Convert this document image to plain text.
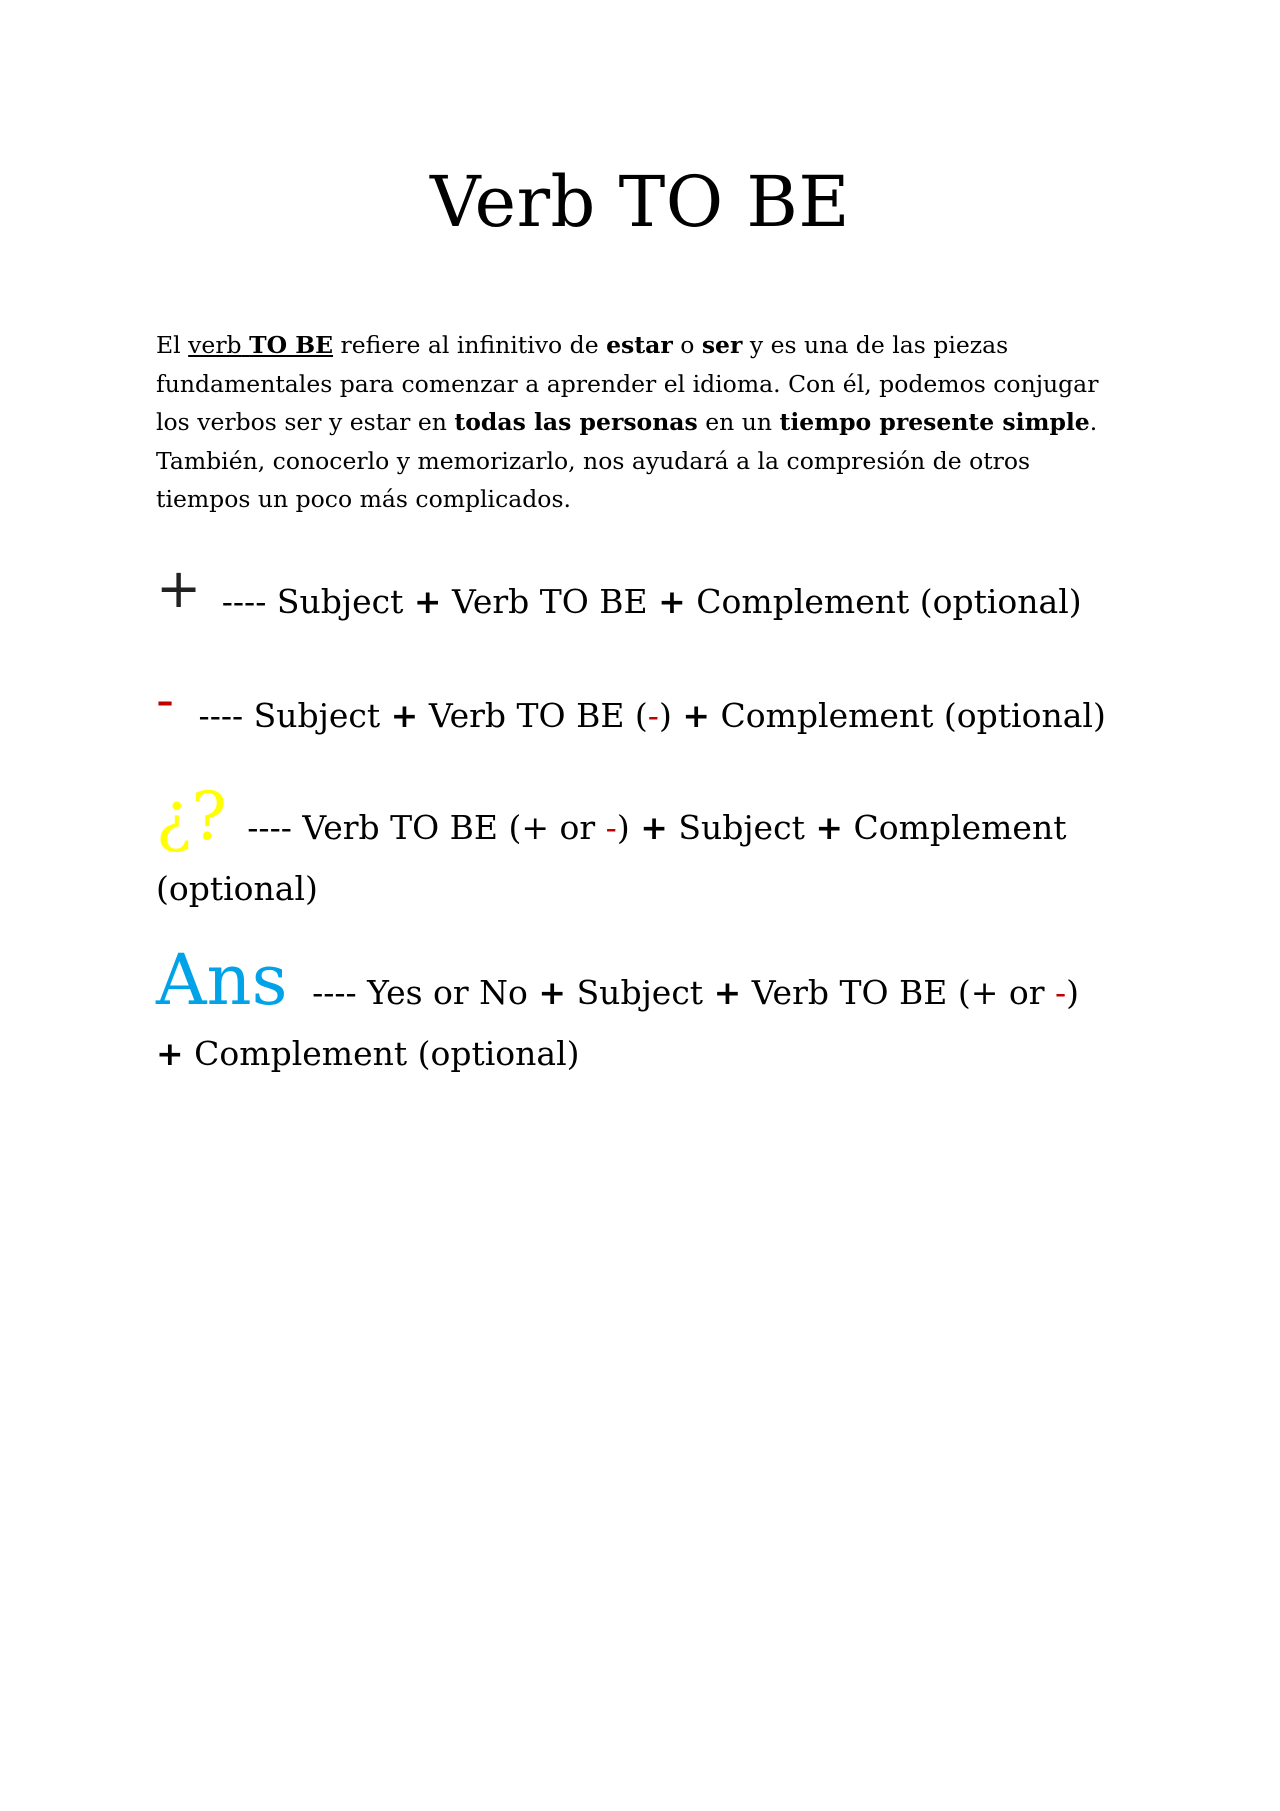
Verb TO BE

El verb TO BE refiere al infinitivo de estar o ser y es una de las piezas fundamentales para comenzar a aprender el idioma. Con él, podemos conjugar los verbos ser y estar en todas las personas en un tiempo presente simple. También, conocerlo y memorizarlo, nos ayudará a la compresión de otros tiempos un poco más complicados.

+ ---- Subject + Verb TO BE + Complement (optional)

- ---- Subject + Verb TO BE (-) + Complement (optional)

¿? ---- Verb TO BE (+ or -) + Subject + Complement (optional)

Ans ---- Yes or No + Subject + Verb TO BE (+ or -) + Complement (optional)
